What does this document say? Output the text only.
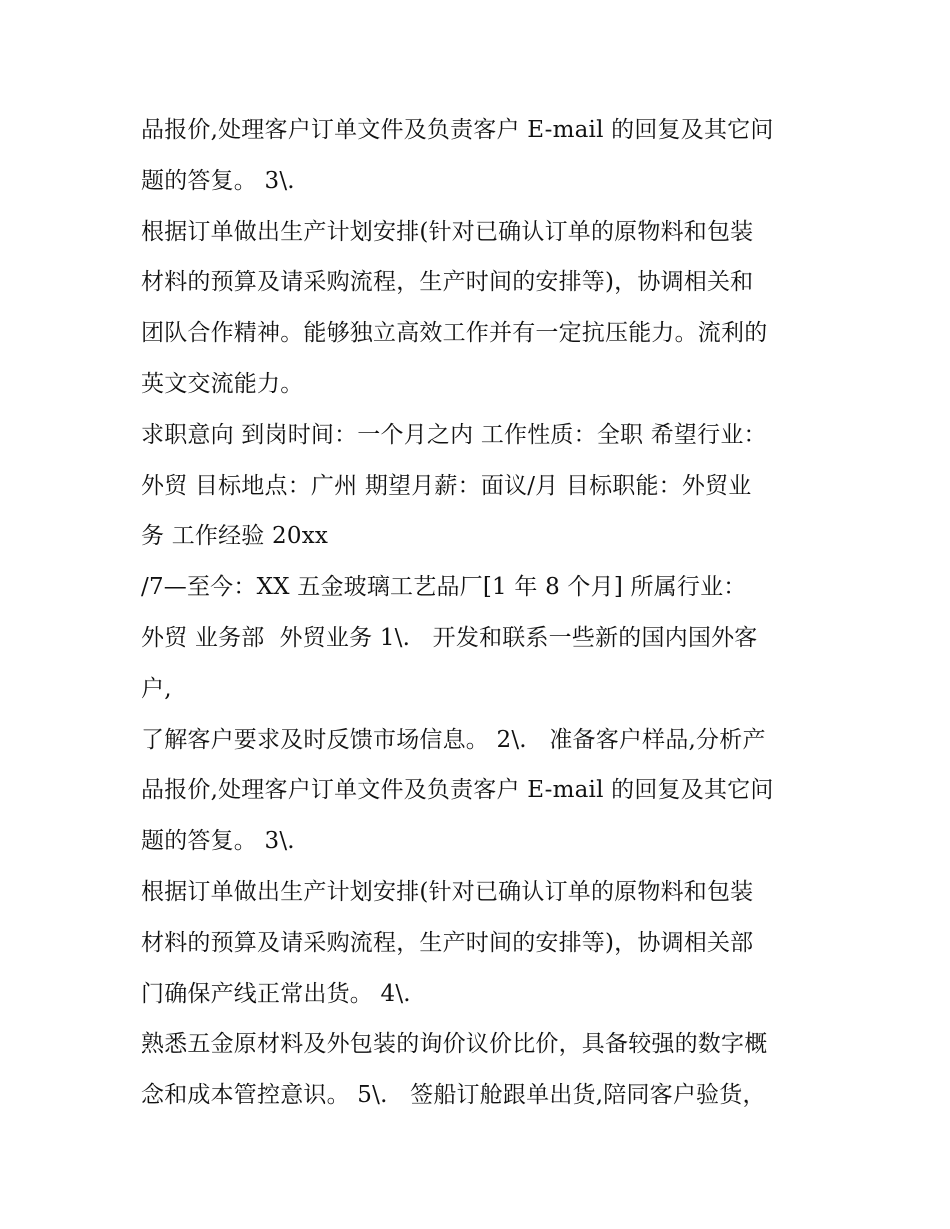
品报价,处理客户订单文件及负责客户 E-mail 的回复及其它问
题的答复。 3\.
根据订单做出生产计划安排(针对已确认订单的原物料和包装
材料的预算及请采购流程，生产时间的安排等)，协调相关和
团队合作精神。能够独立高效工作并有一定抗压能力。流利的
英文交流能力。
求职意向 到岗时间：一个月之内 工作性质：全职 希望行业：
外贸 目标地点：广州 期望月薪：面议/月 目标职能：外贸业
务 工作经验 20xx
/7—至今：XX 五金玻璃工艺品厂[1 年 8 个月] 所属行业：
外贸 业务部  外贸业务 1\.   开发和联系一些新的国内国外客
户,
了解客户要求及时反馈市场信息。 2\.   准备客户样品,分析产
品报价,处理客户订单文件及负责客户 E-mail 的回复及其它问
题的答复。 3\.
根据订单做出生产计划安排(针对已确认订单的原物料和包装
材料的预算及请采购流程，生产时间的安排等)，协调相关部
门确保产线正常出货。 4\.
熟悉五金原材料及外包装的询价议价比价，具备较强的数字概
念和成本管控意识。 5\.   签船订舱跟单出货,陪同客户验货，
